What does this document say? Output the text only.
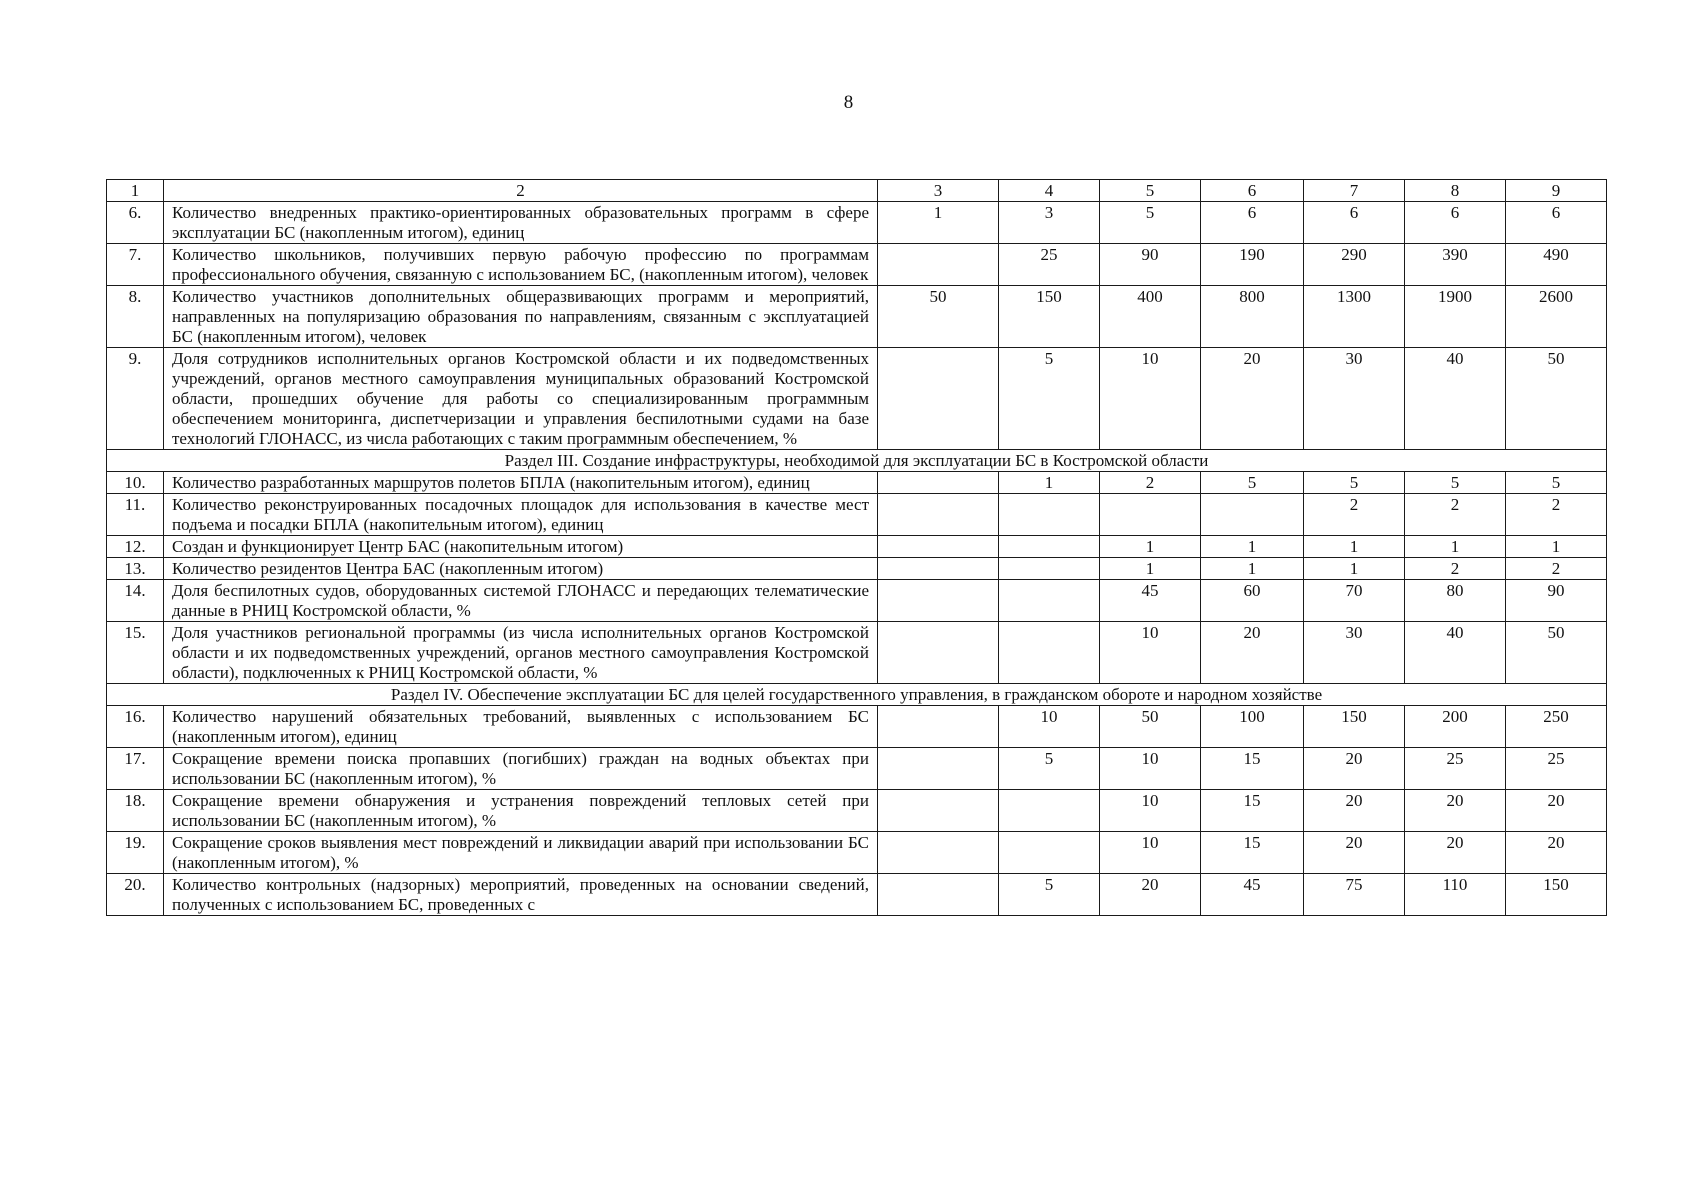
8
1	2	3	4	5	6	7	8	9
6.	Количество внедренных практико-ориентированных образовательных программ в сфере эксплуатации БС (накопленным итогом), единиц	1	3	5	6	6	6	6
7.	Количество школьников, получивших первую рабочую профессию по программам профессионального обучения, связанную с использованием БС, (накопленным итогом), человек		25	90	190	290	390	490
8.	Количество участников дополнительных общеразвивающих программ и мероприятий, направленных на популяризацию образования по направлениям, связанным с эксплуатацией БС (накопленным итогом), человек	50	150	400	800	1300	1900	2600
9.	Доля сотрудников исполнительных органов Костромской области и их подведомственных учреждений, органов местного самоуправления муниципальных образований Костромской области, прошедших обучение для работы со специализированным программным обеспечением мониторинга, диспетчеризации и управления беспилотными судами на базе технологий ГЛОНАСС, из числа работающих с таким программным обеспечением, %		5	10	20	30	40	50
Раздел III. Создание инфраструктуры, необходимой для эксплуатации БС в Костромской области								
10.	Количество разработанных маршрутов полетов БПЛА (накопительным итогом), единиц		1	2	5	5	5	5
11.	Количество реконструированных посадочных площадок для использования в качестве мест подъема и посадки БПЛА (накопительным итогом), единиц					2	2	2
12.	Создан и функционирует Центр БАС (накопительным итогом)			1	1	1	1	1
13.	Количество резидентов Центра БАС (накопленным итогом)			1	1	1	2	2
14.	Доля беспилотных судов, оборудованных системой ГЛОНАСС и передающих телематические данные в РНИЦ Костромской области, %			45	60	70	80	90
15.	Доля участников региональной программы (из числа исполнительных органов Костромской области и их подведомственных учреждений, органов местного самоуправления Костромской области), подключенных к РНИЦ Костромской области, %			10	20	30	40	50
Раздел IV. Обеспечение эксплуатации БС для целей государственного управления, в гражданском обороте и народном хозяйстве								
16.	Количество нарушений обязательных требований, выявленных с использованием БС (накопленным итогом), единиц		10	50	100	150	200	250
17.	Сокращение времени поиска пропавших (погибших) граждан на водных объектах при использовании БС (накопленным итогом), %		5	10	15	20	25	25
18.	Сокращение времени обнаружения и устранения повреждений тепловых сетей при использовании БС (накопленным итогом), %			10	15	20	20	20
19.	Сокращение сроков выявления мест повреждений и ликвидации аварий при использовании БС (накопленным итогом), %			10	15	20	20	20
20.	Количество контрольных (надзорных) мероприятий, проведенных на основании сведений, полученных с использованием БС, проведенных с		5	20	45	75	110	150
